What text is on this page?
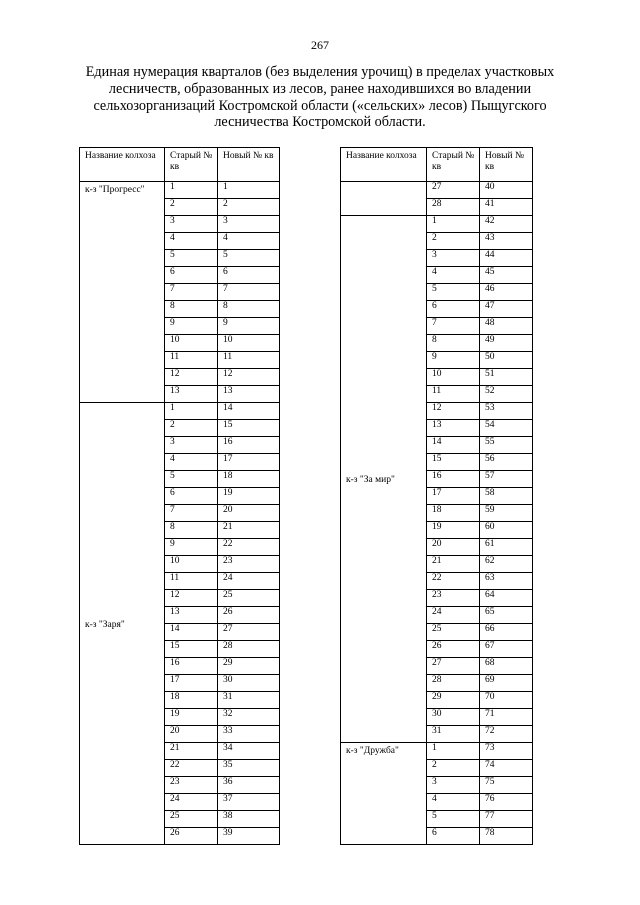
267
Единая нумерация кварталов (без выделения урочищ) в пределах участковых лесничеств, образованных из лесов, ранее находившихся во владении сельхозорганизаций Костромской области («сельских» лесов) Пыщугского лесничества Костромской области.
Название колхоза	Старый № кв	Новый № кв
к-з "Прогресс"	1	1
	2	2
	3	3
	4	4
	5	5
	6	6
	7	7
	8	8
	9	9
	10	10
	11	11
	12	12
	13	13
к-з "Заря"	1	14
	2	15
	3	16
	4	17
	5	18
	6	19
	7	20
	8	21
	9	22
	10	23
	11	24
	12	25
	13	26
	14	27
	15	28
	16	29
	17	30
	18	31
	19	32
	20	33
	21	34
	22	35
	23	36
	24	37
	25	38
	26	39
Название колхоза	Старый № кв	Новый № кв
	27	40
	28	41
к-з "За мир"	1	42
	2	43
	3	44
	4	45
	5	46
	6	47
	7	48
	8	49
	9	50
	10	51
	11	52
	12	53
	13	54
	14	55
	15	56
	16	57
	17	58
	18	59
	19	60
	20	61
	21	62
	22	63
	23	64
	24	65
	25	66
	26	67
	27	68
	28	69
	29	70
	30	71
	31	72
к-з "Дружба"	1	73
	2	74
	3	75
	4	76
	5	77
	6	78
